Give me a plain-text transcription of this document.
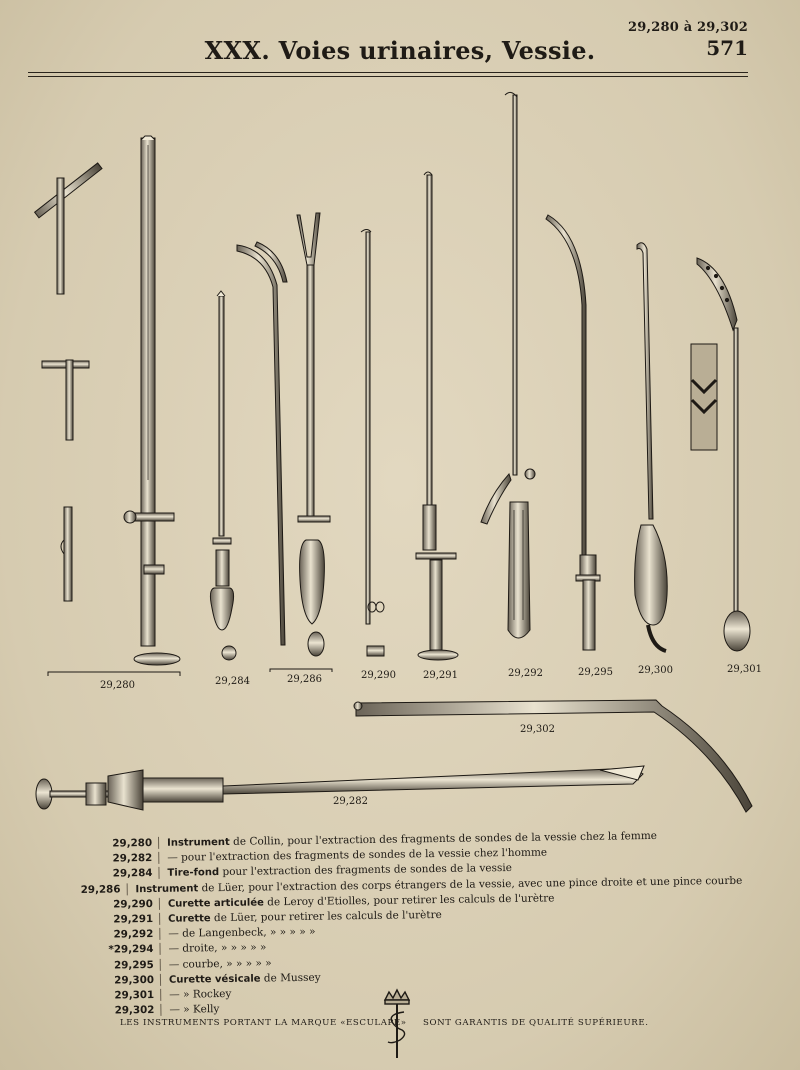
29,280 à 29,302
XXX. Voies urinaires, Vessie.	571
29,280	29,284	29,286	29,290	29,291	29,292	29,295	29,300	29,301
29,302
29,282
29,280	Instrument de Collin, pour l'extraction des fragments de sondes de la vessie chez la femme
29,282	— pour l'extraction des fragments de sondes de la vessie chez l'homme
29,284	Tire-fond pour l'extraction des fragments de sondes de la vessie
29,286	Instrument de Lüer, pour l'extraction des corps étrangers de la vessie, avec une pince droite et une pince courbe
29,290	Curette articulée de Leroy d'Etiolles, pour retirer les calculs de l'urètre
29,291	Curette de Lüer, pour retirer les calculs de l'urètre
29,292	— de Langenbeck, » » » » »
*29,294	— droite, » » » » »
29,295	— courbe, » » » » »
29,300	Curette vésicale de Mussey
29,301	— » Rockey
29,302	— » Kelly
LES INSTRUMENTS PORTANT LA MARQUE «ESCULAPE» SONT GARANTIS DE QUALITÉ SUPÉRIEURE.
